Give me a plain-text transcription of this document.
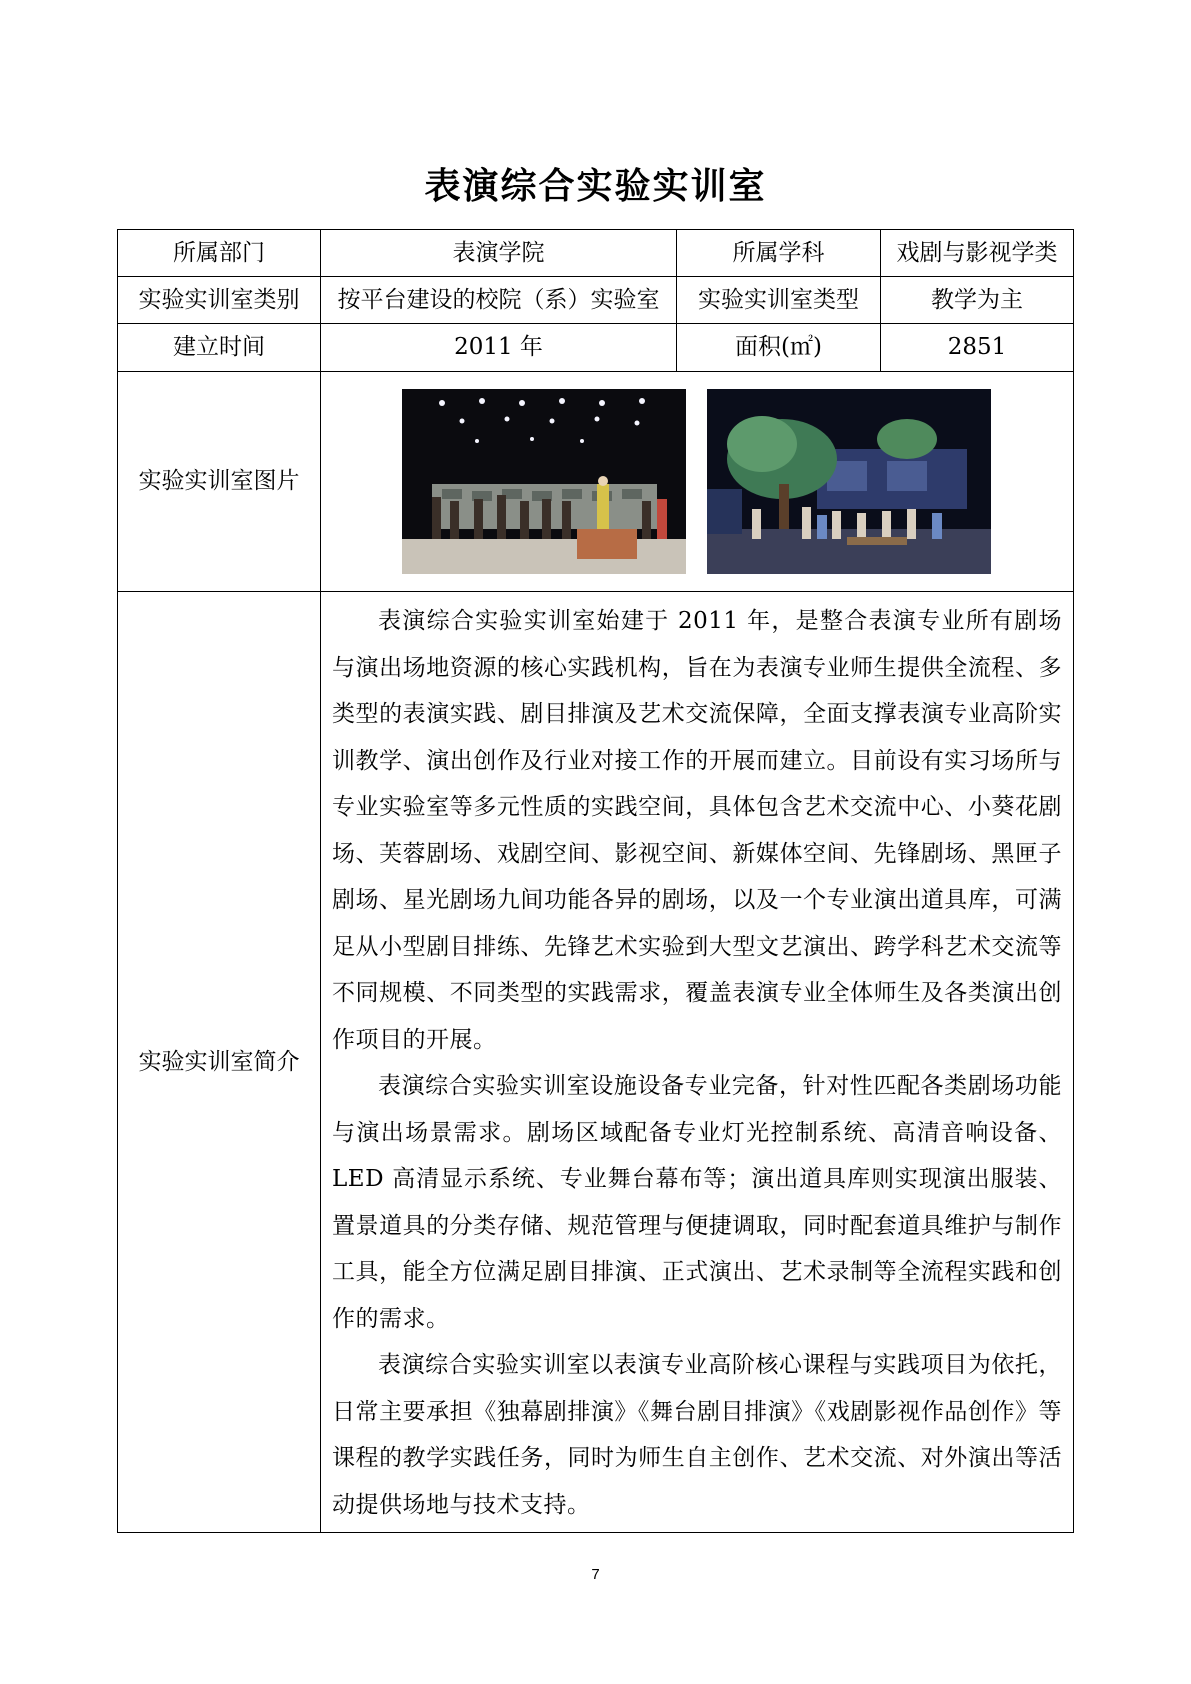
表演综合实验实训室
所属部门	表演学院	所属学科	戏剧与影视学类
实验实训室类别	按平台建设的校院（系）实验室	实验实训室类型	教学为主
建立时间	2011 年	面积(㎡)	2851
实验实训室图片	

实验实训室简介	表演综合实验实训室始建于 2011 年，是整合表演专业所有剧场与演出场地资源的核心实践机构，旨在为表演专业师生提供全流程、多类型的表演实践、剧目排演及艺术交流保障，全面支撑表演专业高阶实训教学、演出创作及行业对接工作的开展而建立。目前设有实习场所与专业实验室等多元性质的实践空间，具体包含艺术交流中心、小葵花剧场、芙蓉剧场、戏剧空间、影视空间、新媒体空间、先锋剧场、黑匣子剧场、星光剧场九间功能各异的剧场，以及一个专业演出道具库，可满足从小型剧目排练、先锋艺术实验到大型文艺演出、跨学科艺术交流等不同规模、不同类型的实践需求，覆盖表演专业全体师生及各类演出创作项目的开展。

表演综合实验实训室设施设备专业完备，针对性匹配各类剧场功能与演出场景需求。剧场区域配备专业灯光控制系统、高清音响设备、LED 高清显示系统、专业舞台幕布等；演出道具库则实现演出服装、置景道具的分类存储、规范管理与便捷调取，同时配套道具维护与制作工具，能全方位满足剧目排演、正式演出、艺术录制等全流程实践和创作的需求。

表演综合实验实训室以表演专业高阶核心课程与实践项目为依托，日常主要承担《独幕剧排演》《舞台剧目排演》《戏剧影视作品创作》等课程的教学实践任务，同时为师生自主创作、艺术交流、对外演出等活动提供场地与技术支持。		

7
